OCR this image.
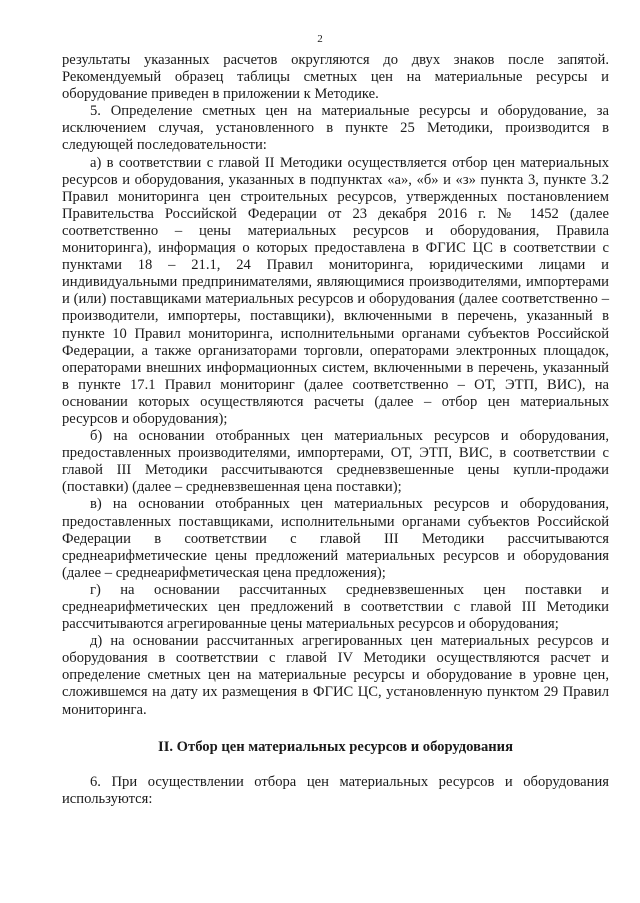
2

результаты указанных расчетов округляются до двух знаков после запятой. Рекомендуемый образец таблицы сметных цен на материальные ресурсы и оборудование приведен в приложении к Методике.

5. Определение сметных цен на материальные ресурсы и оборудование, за исключением случая, установленного в пункте 25 Методики, производится в следующей последовательности:

а) в соответствии с главой II Методики осуществляется отбор цен материальных ресурсов и оборудования, указанных в подпунктах «а», «б» и «з» пункта 3, пункте 3.2 Правил мониторинга цен строительных ресурсов, утвержденных постановлением Правительства Российской Федерации от 23 декабря 2016 г. № 1452 (далее соответственно – цены материальных ресурсов и оборудования, Правила мониторинга), информация о которых предоставлена в ФГИС ЦС в соответствии с пунктами 18 – 21.1, 24 Правил мониторинга, юридическими лицами и индивидуальными предпринимателями, являющимися производителями, импортерами и (или) поставщиками материальных ресурсов и оборудования (далее соответственно – производители, импортеры, поставщики), включенными в перечень, указанный в пункте 10 Правил мониторинга, исполнительными органами субъектов Российской Федерации, а также организаторами торговли, операторами электронных площадок, операторами внешних информационных систем, включенными в перечень, указанный в пункте 17.1 Правил мониторинг (далее соответственно – ОТ, ЭТП, ВИС), на основании которых осуществляются расчеты (далее – отбор цен материальных ресурсов и оборудования);

б) на основании отобранных цен материальных ресурсов и оборудования, предоставленных производителями, импортерами, ОТ, ЭТП, ВИС, в соответствии с главой III Методики рассчитываются средневзвешенные цены купли-продажи (поставки) (далее – средневзвешенная цена поставки);

в) на основании отобранных цен материальных ресурсов и оборудования, предоставленных поставщиками, исполнительными органами субъектов Российской Федерации в соответствии с главой III Методики рассчитываются среднеарифметические цены предложений материальных ресурсов и оборудования (далее – среднеарифметическая цена предложения);

г) на основании рассчитанных средневзвешенных цен поставки и среднеарифметических цен предложений в соответствии с главой III Методики рассчитываются агрегированные цены материальных ресурсов и оборудования;

д) на основании рассчитанных агрегированных цен материальных ресурсов и оборудования в соответствии с главой IV Методики осуществляются расчет и определение сметных цен на материальные ресурсы и оборудование в уровне цен, сложившемся на дату их размещения в ФГИС ЦС, установленную пунктом 29 Правил мониторинга.

II. Отбор цен материальных ресурсов и оборудования

6. При осуществлении отбора цен материальных ресурсов и оборудования используются:
